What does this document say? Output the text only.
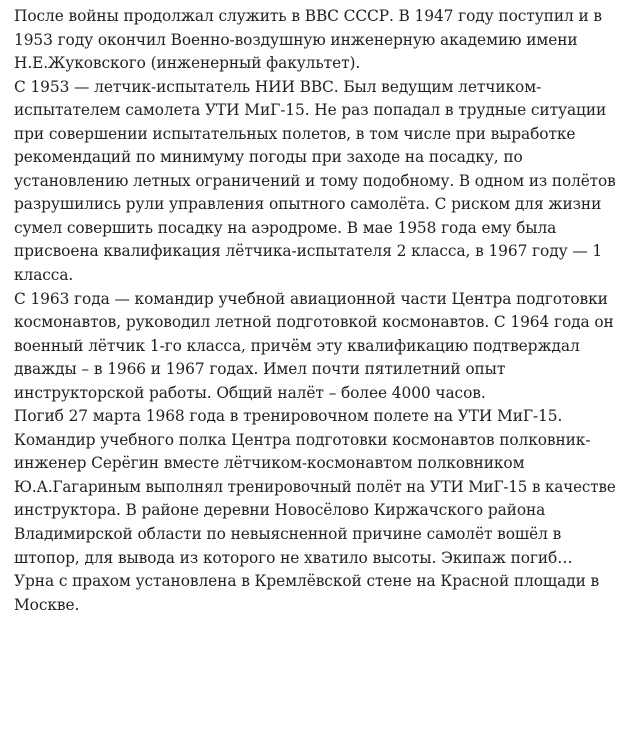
После войны продолжал служить в ВВС СССР. В 1947 году поступил и в
1953 году окончил Военно-воздушную инженерную академию имени
Н.Е.Жуковского (инженерный факультет).
С 1953 — летчик-испытатель НИИ ВВС. Был ведущим летчиком-
испытателем самолета УТИ МиГ-15. Не раз попадал в трудные ситуации
при совершении испытательных полетов, в том числе при выработке
рекомендаций по минимуму погоды при заходе на посадку, по
установлению летных ограничений и тому подобному. В одном из полётов
разрушились рули управления опытного самолёта. С риском для жизни
сумел совершить посадку на аэродроме. В мае 1958 года ему была
присвоена квалификация лётчика-испытателя 2 класса, в 1967 году — 1
класса.
С 1963 года — командир учебной авиационной части Центра подготовки
космонавтов, руководил летной подготовкой космонавтов. С 1964 года он
военный лётчик 1-го класса, причём эту квалификацию подтверждал
дважды – в 1966 и 1967 годах. Имел почти пятилетний опыт
инструкторской работы. Общий налёт – более 4000 часов.
Погиб 27 марта 1968 года в тренировочном полете на УТИ МиГ-15.
Командир учебного полка Центра подготовки космонавтов полковник-
инженер Серёгин вместе лётчиком-космонавтом полковником
Ю.А.Гагариным выполнял тренировочный полёт на УТИ МиГ-15 в качестве
инструктора. В районе деревни Новосёлово Киржачского района
Владимирской области по невыясненной причине самолёт вошёл в
штопор, для вывода из которого не хватило высоты. Экипаж погиб…
Урна с прахом установлена в Кремлёвской стене на Красной площади в
Москве.
